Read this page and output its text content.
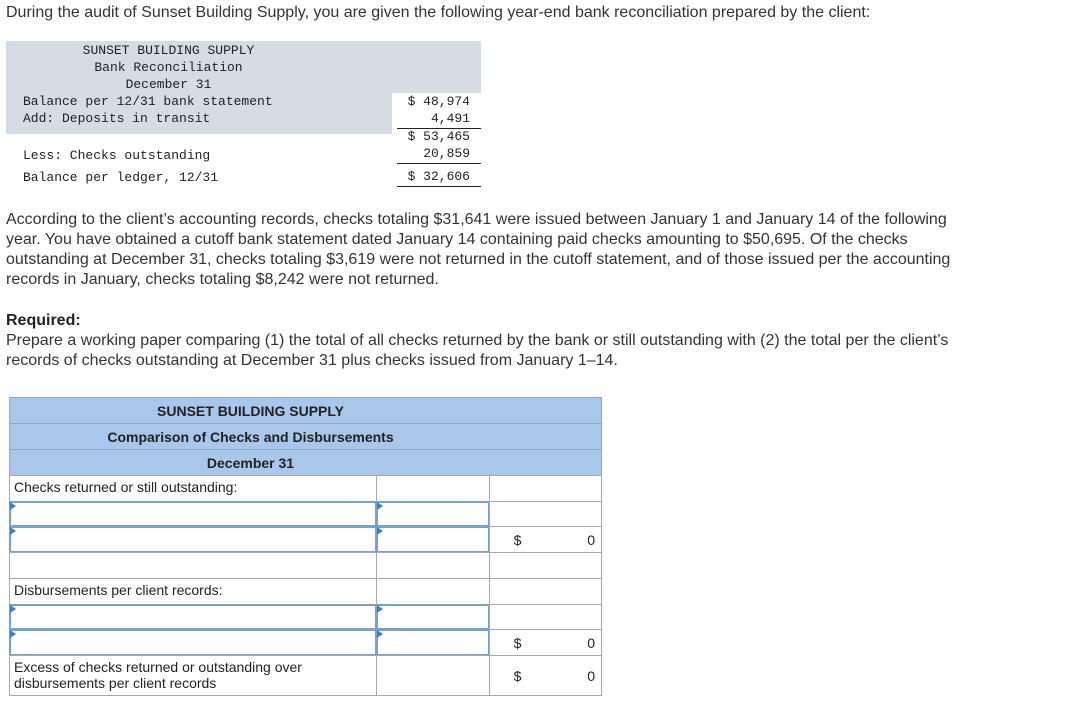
During the audit of Sunset Building Supply, you are given the following year-end bank reconciliation prepared by the client:
SUNSET BUILDING SUPPLY
Bank Reconciliation
December 31
Balance per 12/31 bank statement	$ 48,974
Add: Deposits in transit	4,491
$ 53,465
Less: Checks outstanding	20,859
Balance per ledger, 12/31	$ 32,606
According to the client’s accounting records, checks totaling $31,641 were issued between January 1 and January 14 of the following
year. You have obtained a cutoff bank statement dated January 14 containing paid checks amounting to $50,695. Of the checks
outstanding at December 31, checks totaling $3,619 were not returned in the cutoff statement, and of those issued per the accounting
records in January, checks totaling $8,242 were not returned.
Required:
Prepare a working paper comparing (1) the total of all checks returned by the bank or still outstanding with (2) the total per the client’s
records of checks outstanding at December 31 plus checks issued from January 1–14.
SUNSET BUILDING SUPPLY
Comparison of Checks and Disbursements
December 31
Checks returned or still outstanding:
$	0
Disbursements per client records:
$	0
Excess of checks returned or outstanding over
disbursements per client records	$	0
